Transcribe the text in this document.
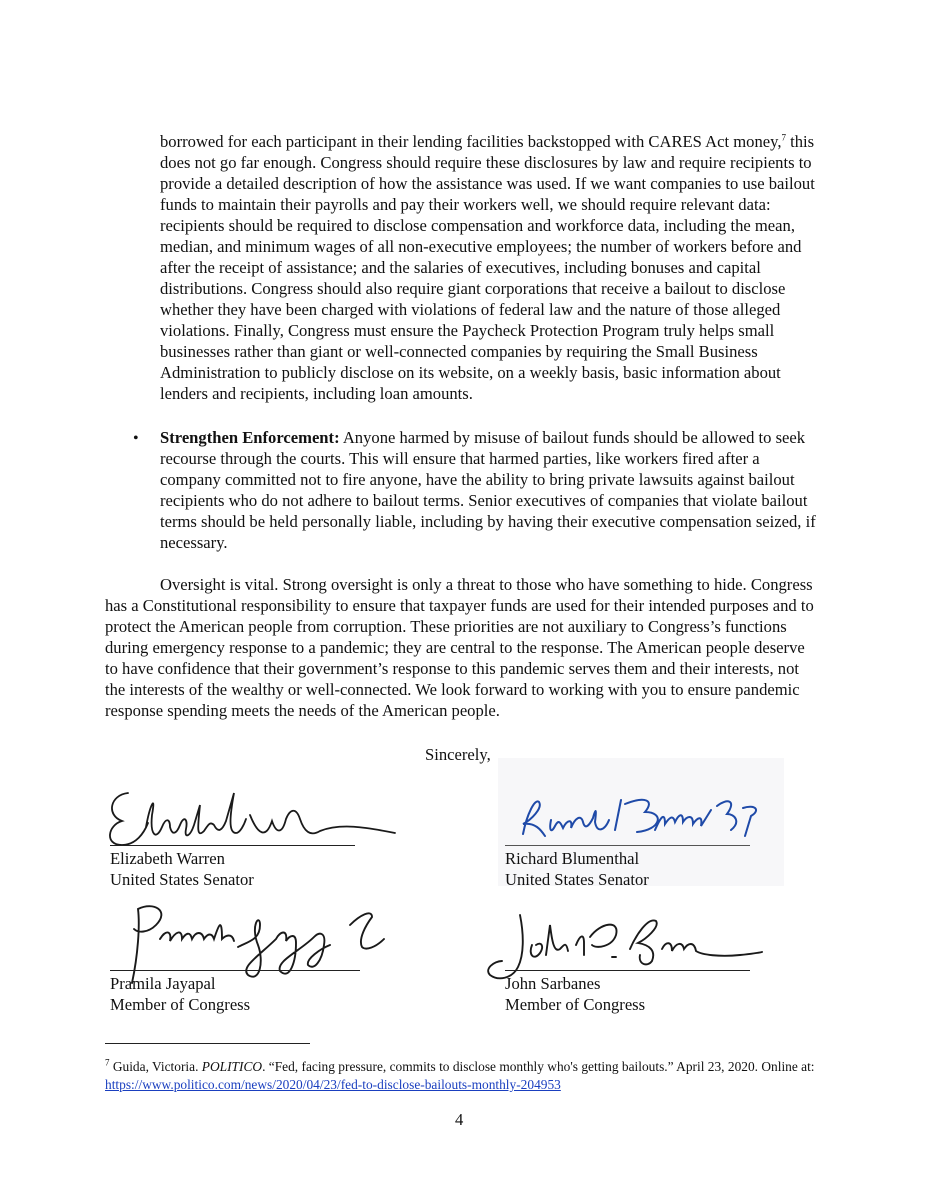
borrowed for each participant in their lending facilities backstopped with CARES Act money,$^7$ this does not go far enough. Congress should require these disclosures by law and require recipients to provide a detailed description of how the assistance was used. If we want companies to use bailout funds to maintain their payrolls and pay their workers well, we should require relevant data: recipients should be required to disclose compensation and workforce data, including the mean, median, and minimum wages of all non-executive employees; the number of workers before and after the receipt of assistance; and the salaries of executives, including bonuses and capital distributions. Congress should also require giant corporations that receive a bailout to disclose whether they have been charged with violations of federal law and the nature of those alleged violations. Finally, Congress must ensure the Paycheck Protection Program truly helps small businesses rather than giant or well-connected companies by requiring the Small Business Administration to publicly disclose on its website, on a weekly basis, basic information about lenders and recipients, including loan amounts.

• Strengthen Enforcement: Anyone harmed by misuse of bailout funds should be allowed to seek recourse through the courts. This will ensure that harmed parties, like workers fired after a company committed not to fire anyone, have the ability to bring private lawsuits against bailout recipients who do not adhere to bailout terms. Senior executives of companies that violate bailout terms should be held personally liable, including by having their executive compensation seized, if necessary.

Oversight is vital. Strong oversight is only a threat to those who have something to hide. Congress has a Constitutional responsibility to ensure that taxpayer funds are used for their intended purposes and to protect the American people from corruption. These priorities are not auxiliary to Congress’s functions during emergency response to a pandemic; they are central to the response. The American people deserve to have confidence that their government’s response to this pandemic serves them and their interests, not the interests of the wealthy or well-connected. We look forward to working with you to ensure pandemic response spending meets the needs of the American people.

Sincerely,
Elizabeth Warren
United States Senator
Richard Blumenthal
United States Senator
Pramila Jayapal
Member of Congress
John Sarbanes
Member of Congress
$^7$ Guida, Victoria. POLITICO. “Fed, facing pressure, commits to disclose monthly who's getting bailouts.” April 23, 2020. Online at: https://www.politico.com/news/2020/04/23/fed-to-disclose-bailouts-monthly-204953
4
